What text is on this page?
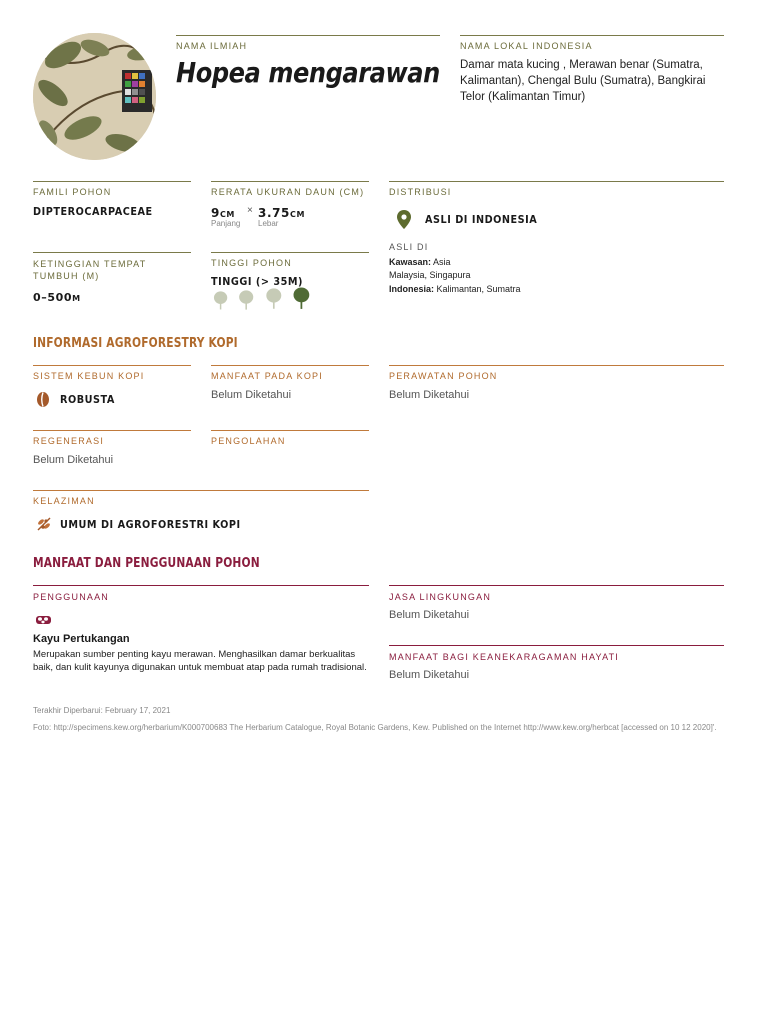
NAMA ILMIAH
Hopea mengarawan
NAMA LOKAL INDONESIA
Damar mata kucing , Merawan benar (Sumatra, Kalimantan), Chengal Bulu (Sumatra), Bangkirai Telor (Kalimantan Timur)
FAMILI POHON
DIPTEROCARPACEAE
RERATA UKURAN DAUN (CM)
9CM
Panjang
× 3.75CM
Lebar
DISTRIBUSI
ASLI DI INDONESIA
ASLI DI
Kawasan: Asia
Malaysia, Singapura
Indonesia: Kalimantan, Sumatra
KETINGGIAN TEMPAT TUMBUH (M)
0–500M
TINGGI POHON
TINGGI (> 35M)
INFORMASI AGROFORESTRY KOPI
SISTEM KEBUN KOPI
ROBUSTA
MANFAAT PADA KOPI
Belum Diketahui
PERAWATAN POHON
Belum Diketahui
REGENERASI
Belum Diketahui
PENGOLAHAN
KELAZIMAN
UMUM DI AGROFORESTRI KOPI
MANFAAT DAN PENGGUNAAN POHON
PENGGUNAAN
Kayu Pertukangan
Merupakan sumber penting kayu merawan. Menghasilkan damar berkualitas baik, dan kulit kayunya digunakan untuk membuat atap pada rumah tradisional.
JASA LINGKUNGAN
Belum Diketahui
MANFAAT BAGI KEANEKARAGAMAN HAYATI
Belum Diketahui
Terakhir Diperbarui: February 17, 2021
Foto: http://specimens.kew.org/herbarium/K000700683 The Herbarium Catalogue, Royal Botanic Gardens, Kew. Published on the Internet http://www.kew.org/herbcat [accessed on 10 12 2020]'.
